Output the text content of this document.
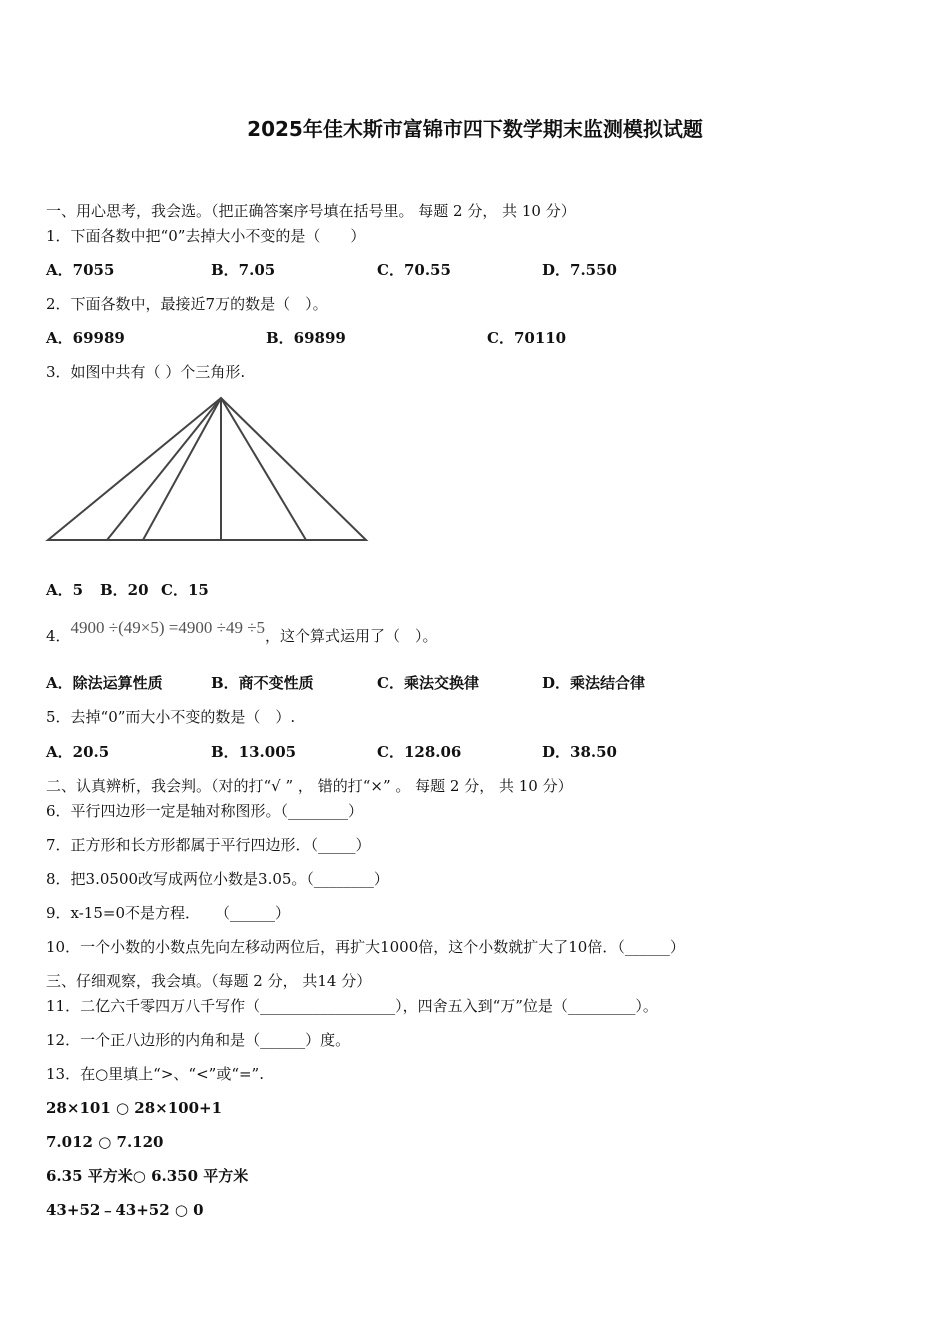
2025年佳木斯市富锦市四下数学期末监测模拟试题
一、用心思考，我会选。（把正确答案序号填在括号里。 每题 2 分， 共 10 分）
1．下面各数中把“0”去掉大小不变的是（　　）
A．7055	B．7.05	C．70.55	D．7.550
2．下面各数中，最接近7万的数是（　）。
A．69989	B．69899	C．70110
3．如图中共有（ ）个三角形.
A．5 B．20 C．15
4．4900 ÷(49×5) =4900 ÷49 ÷5，这个算式运用了（　）。
A．除法运算性质	B．商不变性质	C．乘法交换律	D．乘法结合律
5．去掉“0”而大小不变的数是（　）.
A．20.5	B．13.005	C．128.06	D．38.50
二、认真辨析，我会判。（对的打“√ ” ， 错的打“×” 。 每题 2 分， 共 10 分）
6．平行四边形一定是轴对称图形。（________）
7．正方形和长方形都属于平行四边形．（_____）
8．把3.0500改写成两位小数是3.05。（________）
9．x-15=0不是方程．　　（______）
10．一个小数的小数点先向左移动两位后，再扩大1000倍，这个小数就扩大了10倍．（______）
三、仔细观察，我会填。（每题 2 分， 共14 分）
11．二亿六千零四万八千写作（__________________），四舍五入到“万”位是（_________）。
12．一个正八边形的内角和是（______）度。
13．在○里填上“>、“<”或“=”.
28×101 ○ 28×100+1
7.012 ○ 7.120
6.35 平方米○ 6.350 平方米
43+52﹣43+52 ○ 0
